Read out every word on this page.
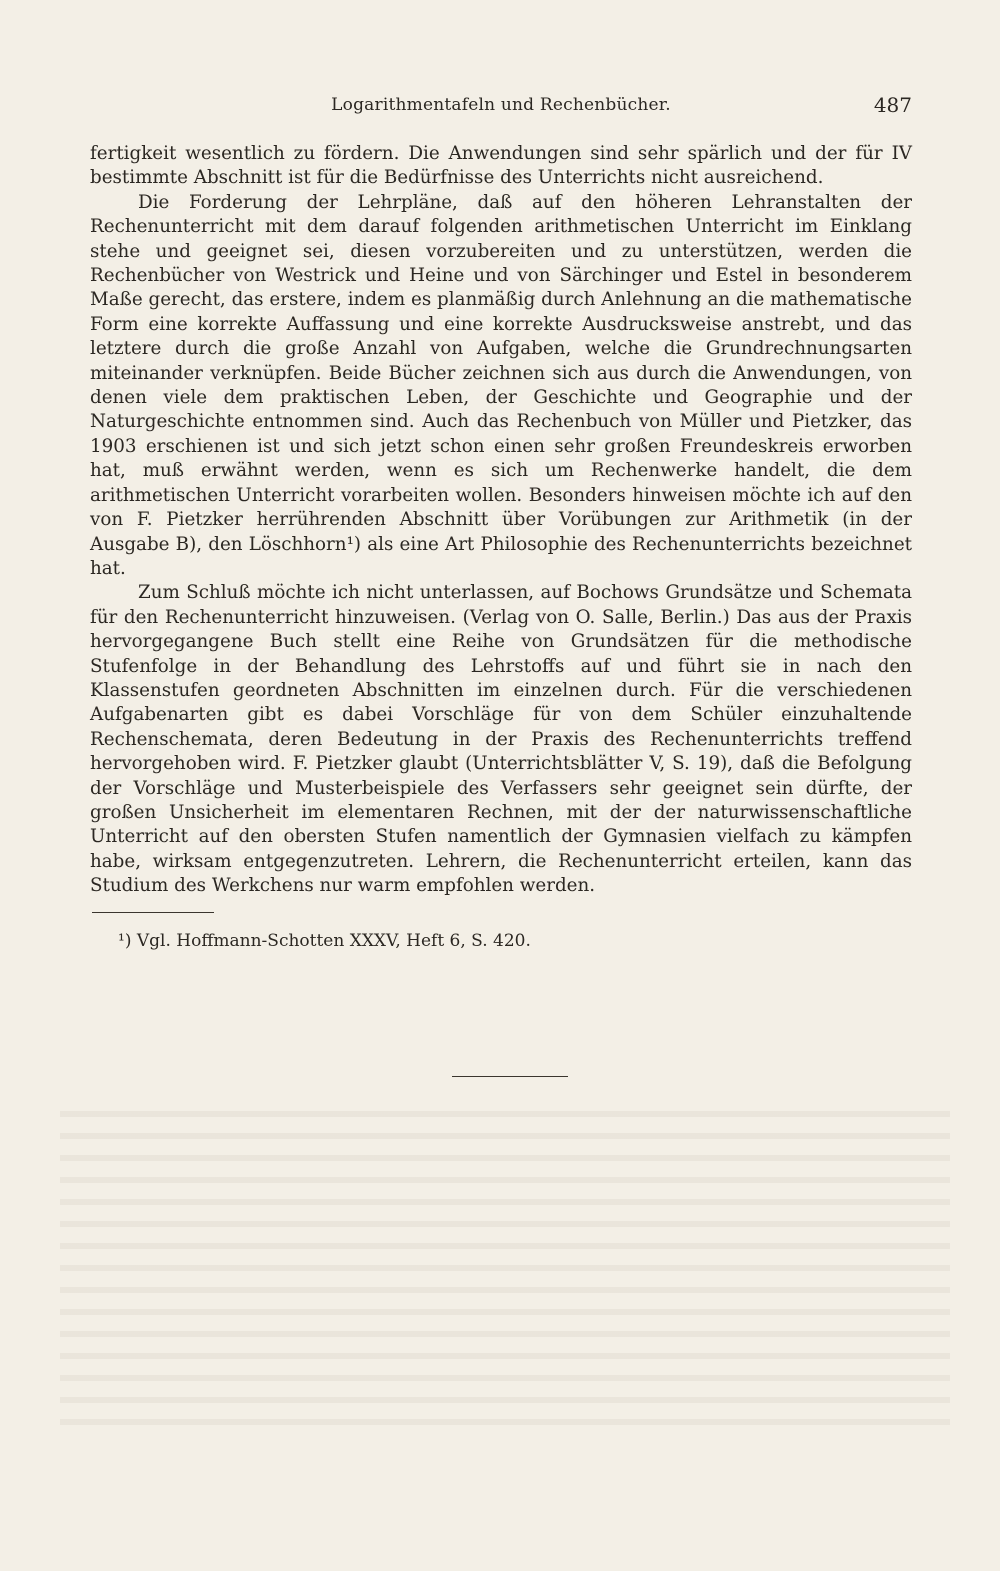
Logarithmentafeln und Rechenbücher.	487

fertigkeit wesentlich zu fördern. Die Anwendungen sind sehr spärlich und der für IV bestimmte Abschnitt ist für die Bedürfnisse des Unterrichts nicht ausreichend.

Die Forderung der Lehrpläne, daß auf den höheren Lehranstalten der Rechenunterricht mit dem darauf folgenden arithmetischen Unterricht im Einklang stehe und geeignet sei, diesen vorzubereiten und zu unterstützen, werden die Rechenbücher von Westrick und Heine und von Särchinger und Estel in besonderem Maße gerecht, das erstere, indem es planmäßig durch Anlehnung an die mathematische Form eine korrekte Auffassung und eine korrekte Ausdrucksweise anstrebt, und das letztere durch die große Anzahl von Aufgaben, welche die Grundrechnungsarten miteinander verknüpfen. Beide Bücher zeichnen sich aus durch die Anwendungen, von denen viele dem praktischen Leben, der Geschichte und Geographie und der Naturgeschichte entnommen sind. Auch das Rechenbuch von Müller und Pietzker, das 1903 erschienen ist und sich jetzt schon einen sehr großen Freundeskreis erworben hat, muß erwähnt werden, wenn es sich um Rechenwerke handelt, die dem arithmetischen Unterricht vorarbeiten wollen. Besonders hinweisen möchte ich auf den von F. Pietzker herrührenden Abschnitt über Vorübungen zur Arithmetik (in der Ausgabe B), den Löschhorn¹) als eine Art Philosophie des Rechenunterrichts bezeichnet hat.

Zum Schluß möchte ich nicht unterlassen, auf Bochows Grundsätze und Schemata für den Rechenunterricht hinzuweisen. (Verlag von O. Salle, Berlin.) Das aus der Praxis hervorgegangene Buch stellt eine Reihe von Grundsätzen für die methodische Stufenfolge in der Behandlung des Lehrstoffs auf und führt sie in nach den Klassenstufen geordneten Abschnitten im einzelnen durch. Für die verschiedenen Aufgabenarten gibt es dabei Vorschläge für von dem Schüler einzuhaltende Rechenschemata, deren Bedeutung in der Praxis des Rechenunterrichts treffend hervorgehoben wird. F. Pietzker glaubt (Unterrichtsblätter V, S. 19), daß die Befolgung der Vorschläge und Musterbeispiele des Verfassers sehr geeignet sein dürfte, der großen Unsicherheit im elementaren Rechnen, mit der der naturwissenschaftliche Unterricht auf den obersten Stufen namentlich der Gymnasien vielfach zu kämpfen habe, wirksam entgegenzutreten. Lehrern, die Rechenunterricht erteilen, kann das Studium des Werkchens nur warm empfohlen werden.

¹) Vgl. Hoffmann-Schotten XXXV, Heft 6, S. 420.
